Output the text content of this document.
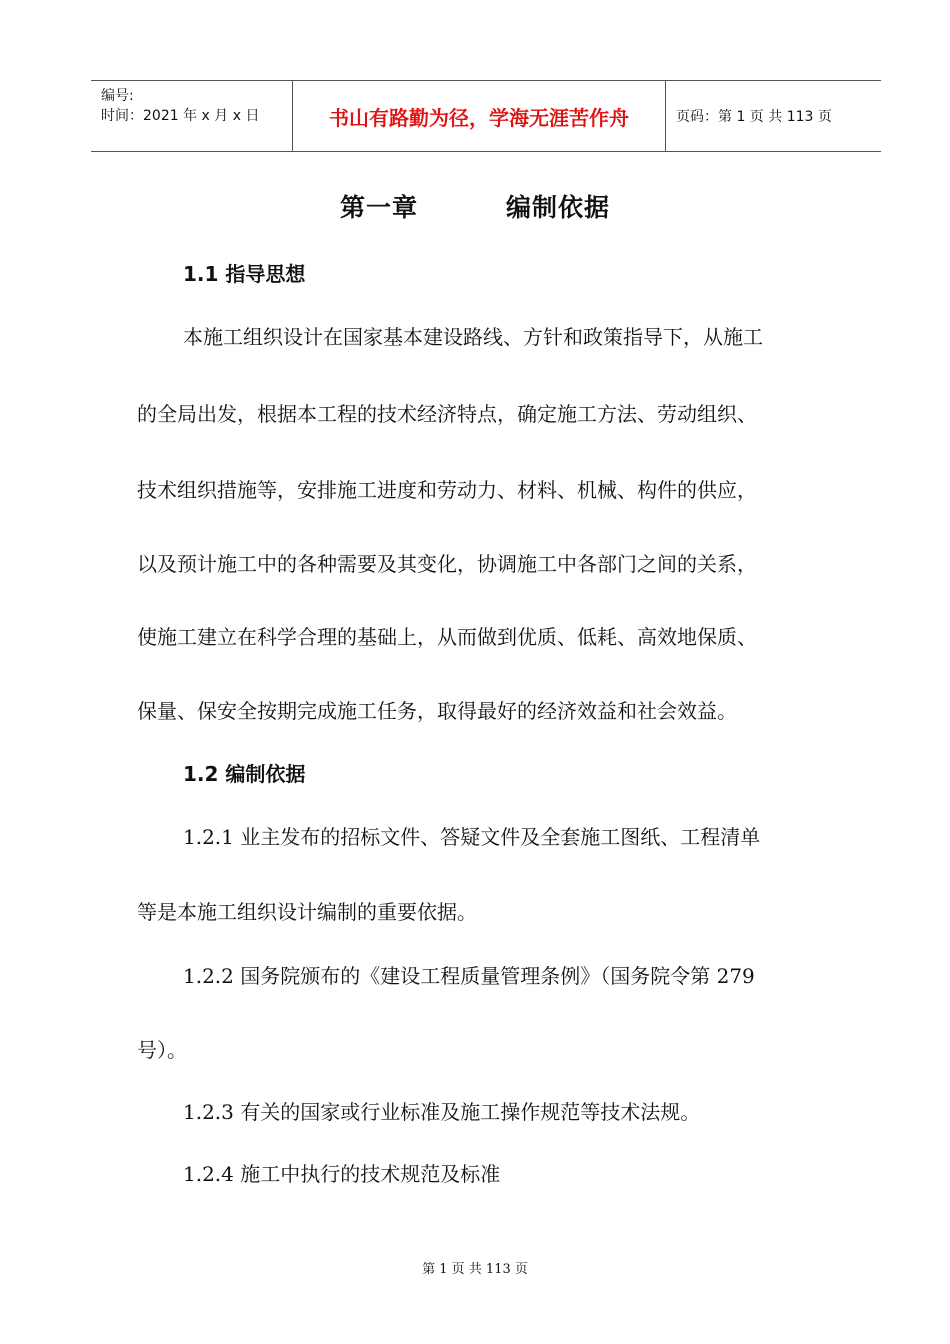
编号:
时间：2021 年 x 月 x 日	书山有路勤为径，学海无涯苦作舟	页码：第 1 页 共 113 页
第一章	编制依据
1.1 指导思想
本施工组织设计在国家基本建设路线、方针和政策指导下，从施工
的全局出发，根据本工程的技术经济特点，确定施工方法、劳动组织、
技术组织措施等，安排施工进度和劳动力、材料、机械、构件的供应，
以及预计施工中的各种需要及其变化，协调施工中各部门之间的关系，
使施工建立在科学合理的基础上，从而做到优质、低耗、高效地保质、
保量、保安全按期完成施工任务，取得最好的经济效益和社会效益。
1.2 编制依据
1.2.1 业主发布的招标文件、答疑文件及全套施工图纸、工程清单
等是本施工组织设计编制的重要依据。
1.2.2 国务院颁布的《建设工程质量管理条例》（国务院令第 279
号）。
1.2.3 有关的国家或行业标准及施工操作规范等技术法规。
1.2.4 施工中执行的技术规范及标准
第 1 页 共 113 页
